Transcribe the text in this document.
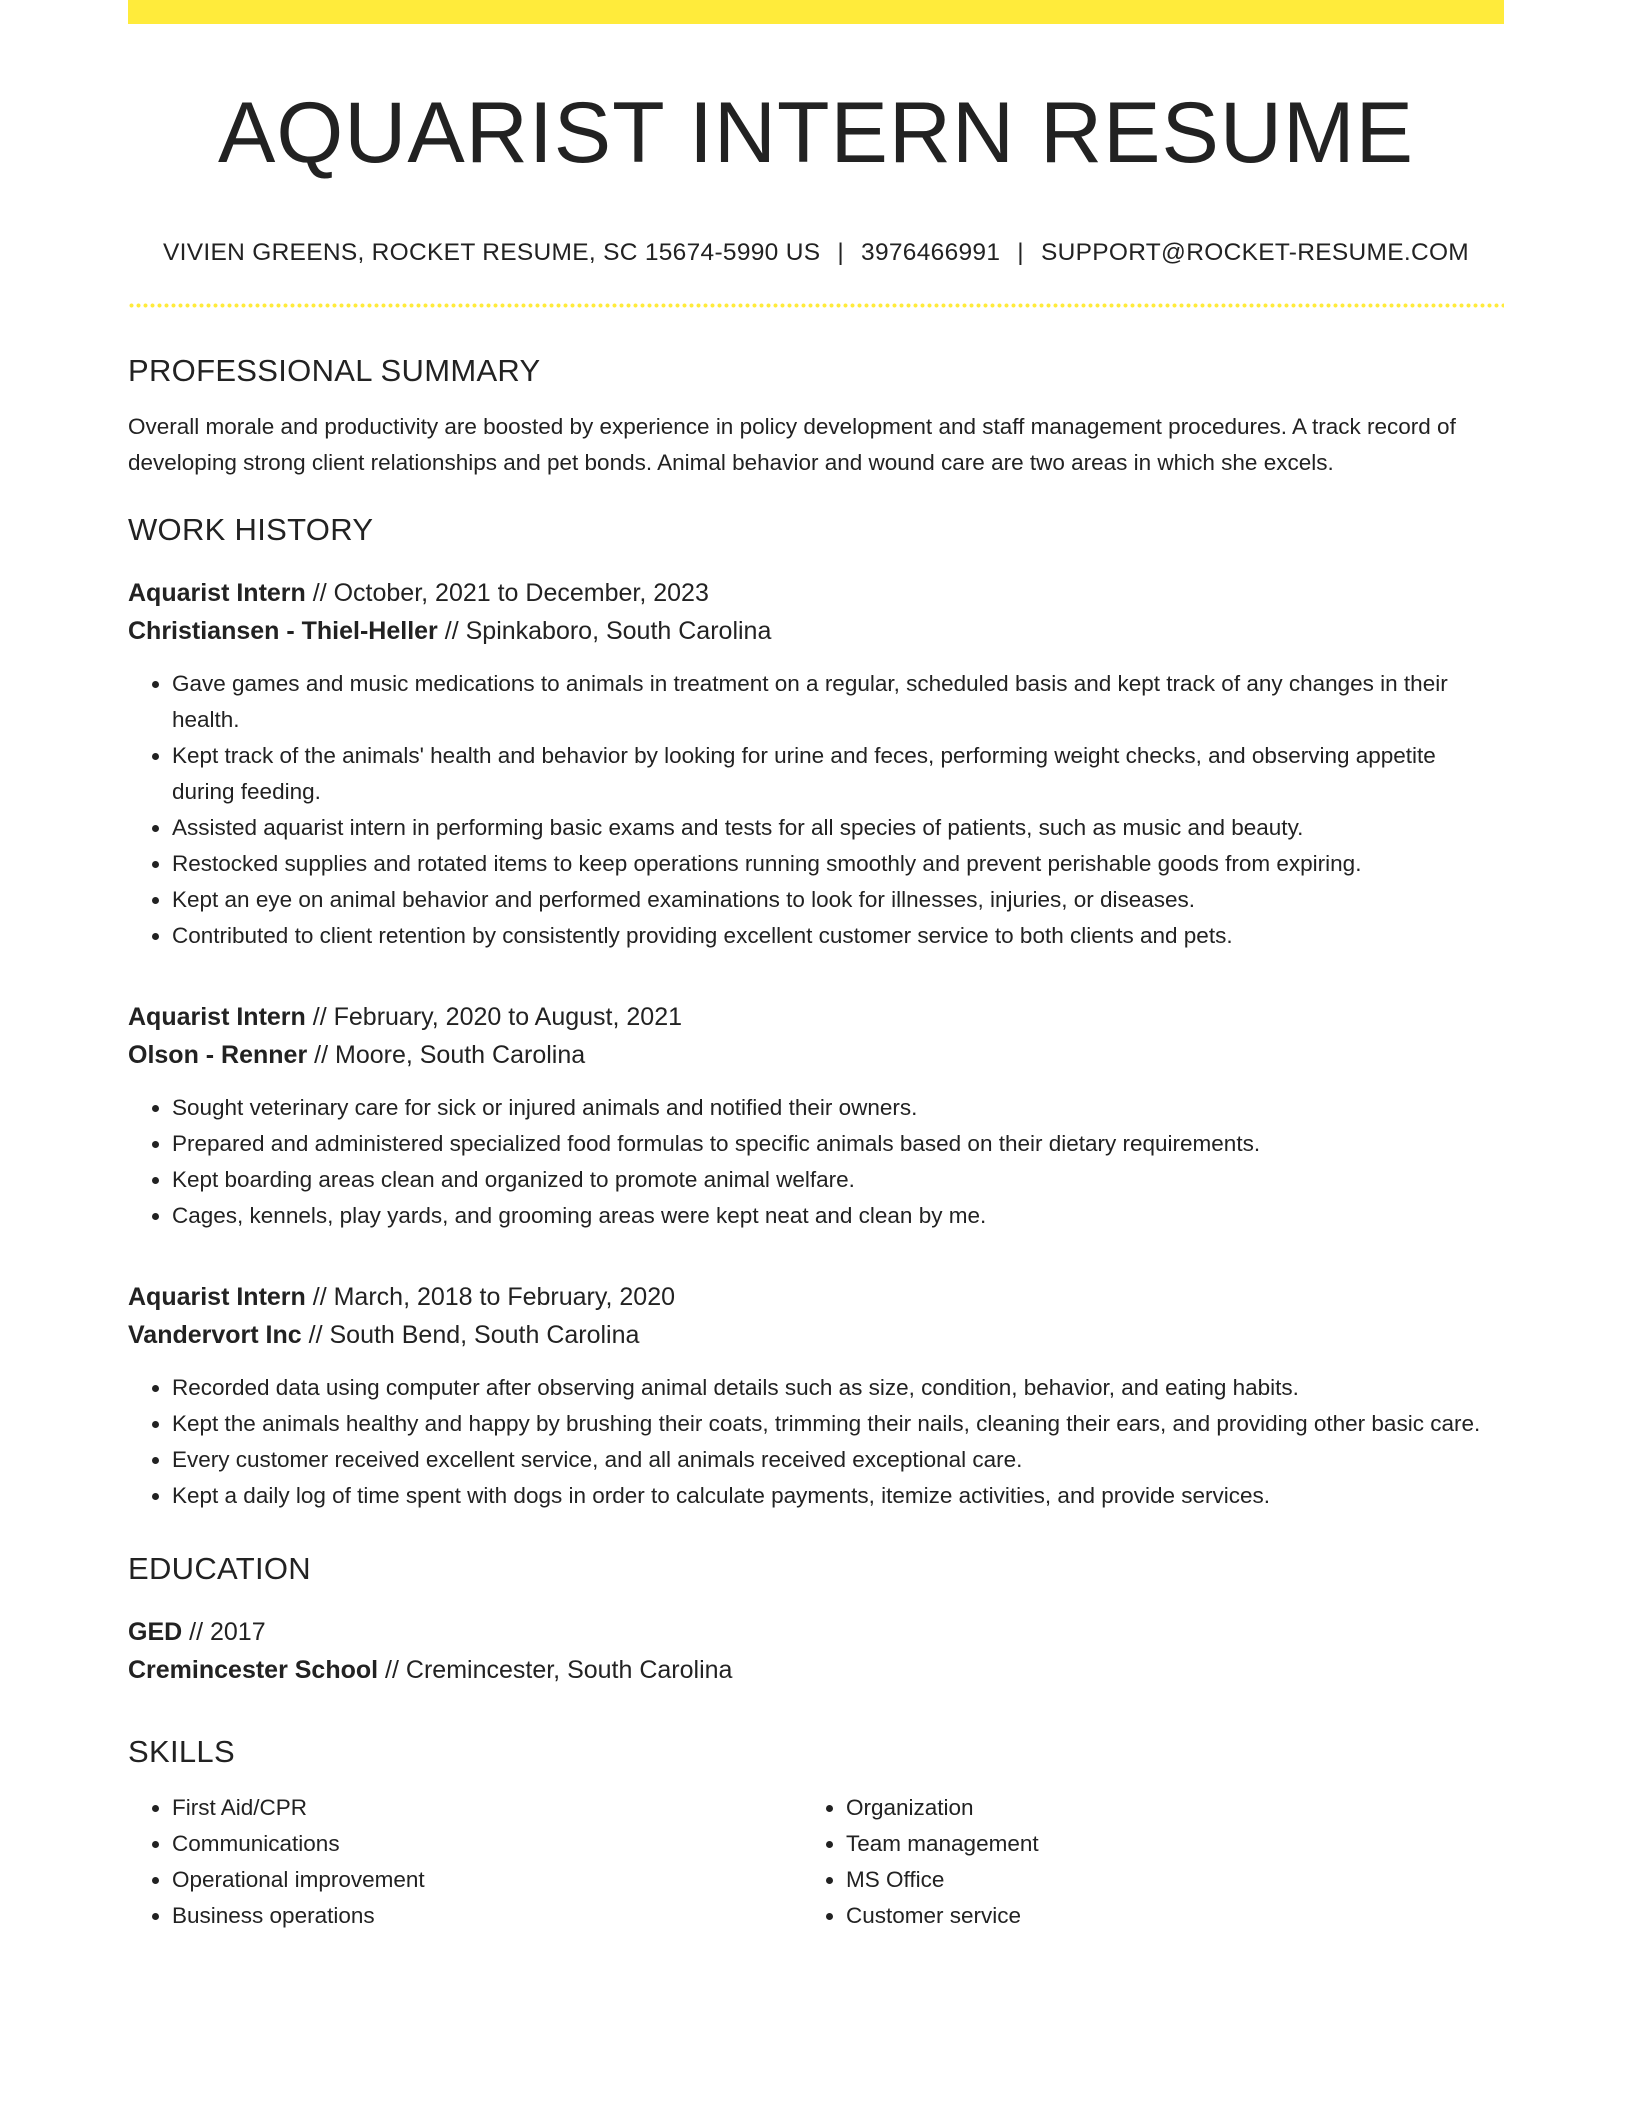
AQUARIST INTERN RESUME
VIVIEN GREENS, ROCKET RESUME, SC 15674-5990 US | 3976466991 | SUPPORT@ROCKET-RESUME.COM
PROFESSIONAL SUMMARY

Overall morale and productivity are boosted by experience in policy development and staff management procedures. A track record of developing strong client relationships and pet bonds. Animal behavior and wound care are two areas in which she excels.

WORK HISTORY
Aquarist Intern // October, 2021 to December, 2023
Christiansen - Thiel-Heller // Spinkaboro, South Carolina
• Gave games and music medications to animals in treatment on a regular, scheduled basis and kept track of any changes in their health.
• Kept track of the animals' health and behavior by looking for urine and feces, performing weight checks, and observing appetite during feeding.
• Assisted aquarist intern in performing basic exams and tests for all species of patients, such as music and beauty.
• Restocked supplies and rotated items to keep operations running smoothly and prevent perishable goods from expiring.
• Kept an eye on animal behavior and performed examinations to look for illnesses, injuries, or diseases.
• Contributed to client retention by consistently providing excellent customer service to both clients and pets.
Aquarist Intern // February, 2020 to August, 2021
Olson - Renner // Moore, South Carolina
• Sought veterinary care for sick or injured animals and notified their owners.
• Prepared and administered specialized food formulas to specific animals based on their dietary requirements.
• Kept boarding areas clean and organized to promote animal welfare.
• Cages, kennels, play yards, and grooming areas were kept neat and clean by me.
Aquarist Intern // March, 2018 to February, 2020
Vandervort Inc // South Bend, South Carolina
• Recorded data using computer after observing animal details such as size, condition, behavior, and eating habits.
• Kept the animals healthy and happy by brushing their coats, trimming their nails, cleaning their ears, and providing other basic care.
• Every customer received excellent service, and all animals received exceptional care.
• Kept a daily log of time spent with dogs in order to calculate payments, itemize activities, and provide services.
EDUCATION
GED // 2017
Cremincester School // Cremincester, South Carolina
SKILLS
• First Aid/CPR
• Communications
• Operational improvement
• Business operations
• Organization
• Team management
• MS Office
• Customer service
